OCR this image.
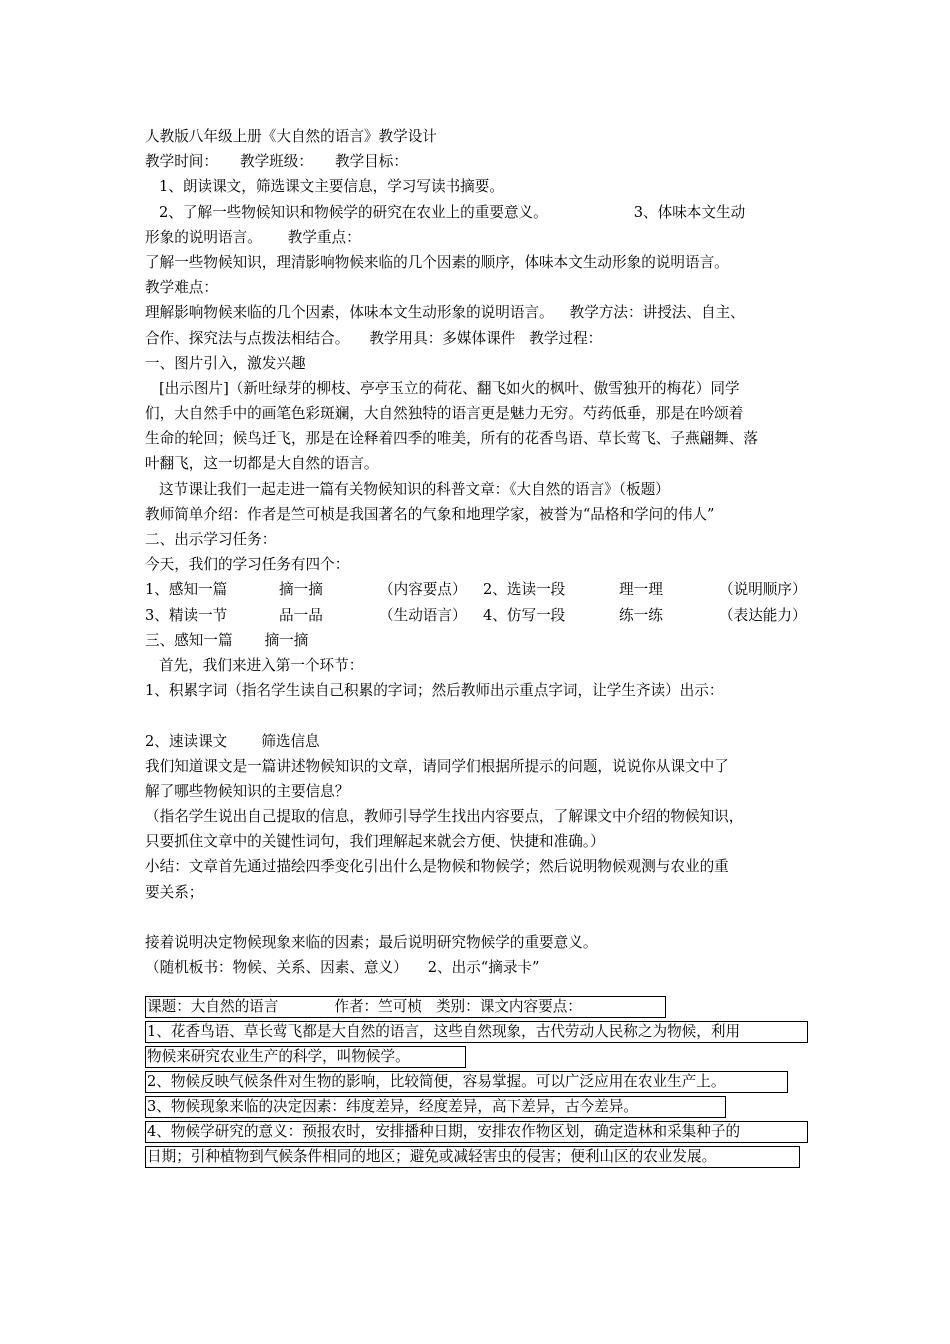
人教版八年级上册《大自然的语言》教学设计
教学时间： 教学班级： 教学目标：
1、朗读课文，筛选课文主要信息，学习写读书摘要。
2、了解一些物候知识和物候学的研究在农业上的重要意义。	3、体味本文生动
形象的说明语言。 教学重点：
了解一些物候知识，理清影响物候来临的几个因素的顺序，体味本文生动形象的说明语言。
教学难点：
理解影响物候来临的几个因素，体味本文生动形象的说明语言。 教学方法：讲授法、自主、
合作、探究法与点拨法相结合。 教学用具：多媒体课件 教学过程：
一、图片引入，激发兴趣
[出示图片]（新吐绿芽的柳枝、亭亭玉立的荷花、翻飞如火的枫叶、傲雪独开的梅花）同学
们，大自然手中的画笔色彩斑斓，大自然独特的语言更是魅力无穷。芍药低垂，那是在吟颂着
生命的轮回；候鸟迁飞，那是在诠释着四季的唯美，所有的花香鸟语、草长莺飞、子燕翩舞、落
叶翻飞，这一切都是大自然的语言。
这节课让我们一起走进一篇有关物候知识的科普文章：《大自然的语言》（板题）
教师简单介绍：作者是竺可桢是我国著名的气象和地理学家，被誉为“品格和学问的伟人”
二、出示学习任务：
今天，我们的学习任务有四个：
1、感知一篇	摘一摘	（内容要点）	2、选读一段	理一理	（说明顺序）
3、精读一节	品一品	（生动语言）	4、仿写一段	练一练	（表达能力）
三、感知一篇 摘一摘
首先，我们来进入第一个环节：
1、积累字词（指名学生读自己积累的字词；然后教师出示重点字词，让学生齐读）出示：
2、速读课文 筛选信息
我们知道课文是一篇讲述物候知识的文章，请同学们根据所提示的问题，说说你从课文中了
解了哪些物候知识的主要信息？
（指名学生说出自己提取的信息，教师引导学生找出内容要点，了解课文中介绍的物候知识，
只要抓住文章中的关键性词句，我们理解起来就会方便、快捷和准确。）
小结：文章首先通过描绘四季变化引出什么是物候和物候学；然后说明物候观测与农业的重
要关系；
接着说明决定物候现象来临的因素；最后说明研究物候学的重要意义。
（随机板书：物候、关系、因素、意义） 2、出示“摘录卡”
课题：大自然的语言	作者：竺可桢 类别：课文内容要点：
1、花香鸟语、草长莺飞都是大自然的语言，这些自然现象，古代劳动人民称之为物候，利用
物候来研究农业生产的科学，叫物候学。 2、物候反映气候条件对生物的影响，比较简便，容易掌握。可以广泛应用在农业生产上。 3、物候现象来临的决定因素：纬度差异，经度差异，高下差异，古今差异。
4、物候学研究的意义：预报农时，安排播种日期，安排农作物区划，确定造林和采集种子的
日期；引种植物到气候条件相同的地区；避免或减轻害虫的侵害；便利山区的农业发展。
